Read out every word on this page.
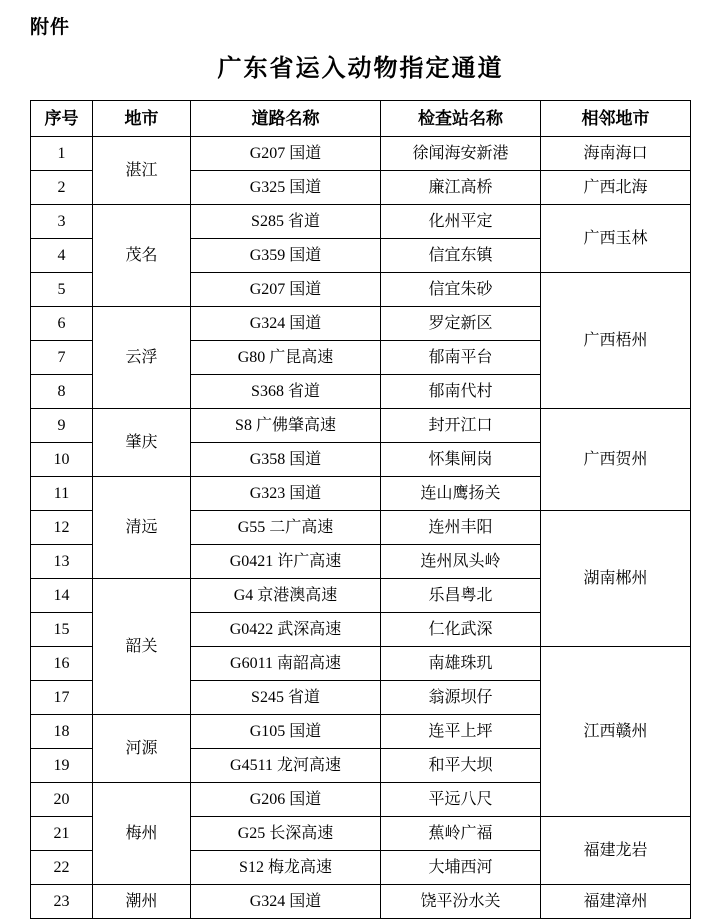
附件
广东省运入动物指定通道
序号	地市	道路名称	检查站名称	相邻地市
1	湛江	G207 国道	徐闻海安新港	海南海口
2		G325 国道	廉江高桥	广西北海
3	茂名	S285 省道	化州平定	广西玉林
4		G359 国道	信宜东镇	
5		G207 国道	信宜朱砂	广西梧州
6	云浮	G324 国道	罗定新区	
7		G80 广昆高速	郁南平台	
8		S368 省道	郁南代村	
9	肇庆	S8 广佛肇高速	封开江口	广西贺州
10		G358 国道	怀集闸岗	
11	清远	G323 国道	连山鹰扬关	
12		G55 二广高速	连州丰阳	湖南郴州
13		G0421 许广高速	连州凤头岭	
14	韶关	G4 京港澳高速	乐昌粤北	
15		G0422 武深高速	仁化武深	
16		G6011 南韶高速	南雄珠玑	江西赣州
17		S245 省道	翁源坝仔	
18	河源	G105 国道	连平上坪	
19		G4511 龙河高速	和平大坝	
20	梅州	G206 国道	平远八尺	
21		G25 长深高速	蕉岭广福	福建龙岩
22		S12 梅龙高速	大埔西河	
23	潮州	G324 国道	饶平汾水关	福建漳州
